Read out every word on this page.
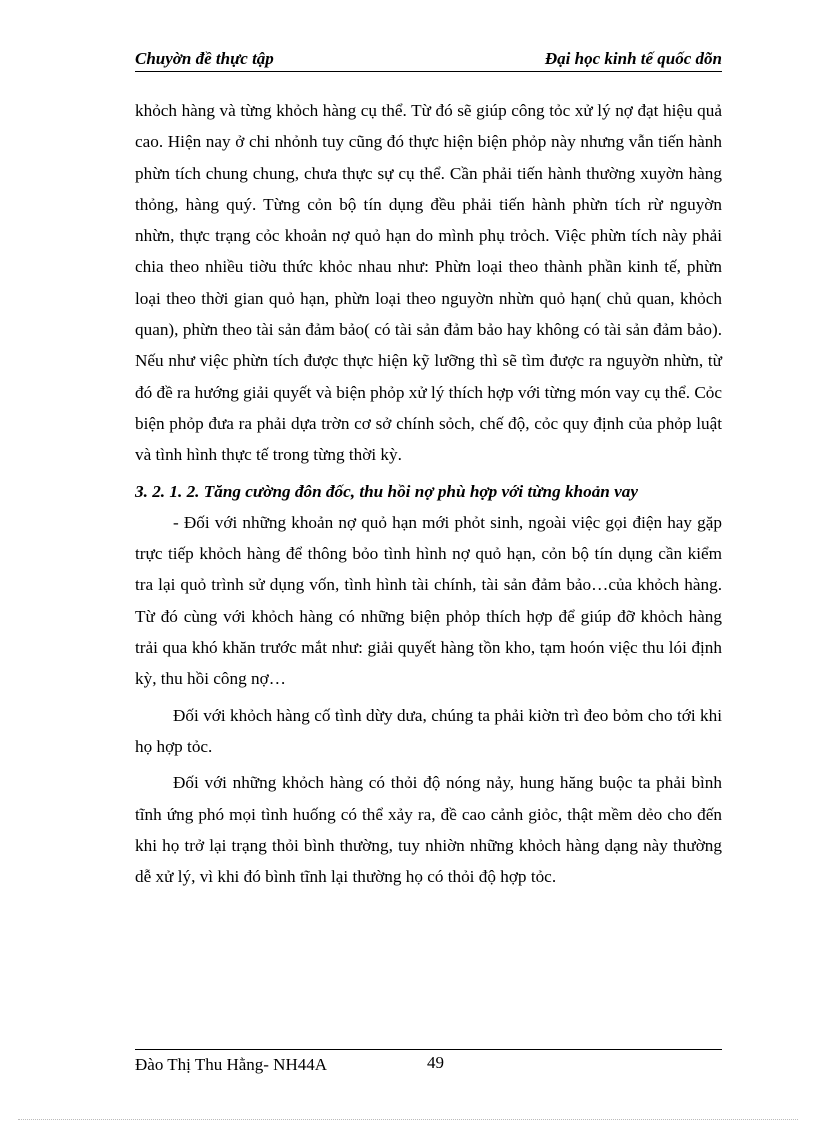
Chuyờn đề thực tập	Đại học kinh tế quốc dõn

khỏch hàng và từng khỏch hàng cụ thể. Từ đó sẽ giúp công tỏc xử lý nợ đạt hiệu quả cao. Hiện nay ở chi nhỏnh tuy cũng đó thực hiện biện phỏp này nhưng vẫn tiến hành phừn tích chung chung, chưa thực sự cụ thể. Cần phải tiến hành thường xuyờn hàng thỏng, hàng quý. Từng cỏn bộ tín dụng đều phải tiến hành phừn tích rừ nguyờn nhừn, thực trạng cỏc khoản nợ quỏ hạn do mình phụ trỏch. Việc phừn tích này phải chia theo nhiều tiờu thức khỏc nhau như: Phừn loại theo thành phần kinh tế, phừn loại theo thời gian quỏ hạn, phừn loại theo nguyờn nhừn quỏ hạn( chủ quan, khỏch quan), phừn theo tài sản đảm bảo( có tài sản đảm bảo hay không có tài sản đảm bảo). Nếu như việc phừn tích được thực hiện kỹ lưỡng thì sẽ tìm được ra nguyờn nhừn, từ đó đề ra hướng giải quyết và biện phỏp xử lý thích hợp với từng món vay cụ thể. Cỏc biện phỏp đưa ra phải dựa trờn cơ sở chính sỏch, chế độ, cỏc quy định của phỏp luật và tình hình thực tế trong từng thời kỳ.

3. 2. 1. 2. Tăng cường đôn đốc, thu hồi nợ phù hợp với từng khoản vay

- Đối với những khoản nợ quỏ hạn mới phỏt sinh, ngoài việc gọi điện hay gặp trực tiếp khỏch hàng để thông bỏo tình hình nợ quỏ hạn, cỏn bộ tín dụng cần kiểm tra lại quỏ trình sử dụng vốn, tình hình tài chính, tài sản đảm bảo…của khỏch hàng. Từ đó cùng với khỏch hàng có những biện phỏp thích hợp để giúp đỡ khỏch hàng trải qua khó khăn trước mắt như: giải quyết hàng tồn kho, tạm hoón việc thu lói định kỳ, thu hồi công nợ…

Đối với khỏch hàng cố tình dừy dưa, chúng ta phải kiờn trì đeo bỏm cho tới khi họ hợp tỏc.

Đối với những khỏch hàng có thỏi độ nóng nảy, hung hăng buộc ta phải bình tĩnh ứng phó mọi tình huống có thể xảy ra, đề cao cảnh giỏc, thật mềm dẻo cho đến khi họ trở lại trạng thỏi bình thường, tuy nhiờn những khỏch hàng dạng này thường dễ xử lý, vì khi đó bình tĩnh lại thường họ có thỏi độ hợp tỏc.

Đào Thị Thu Hằng- NH44A	49
